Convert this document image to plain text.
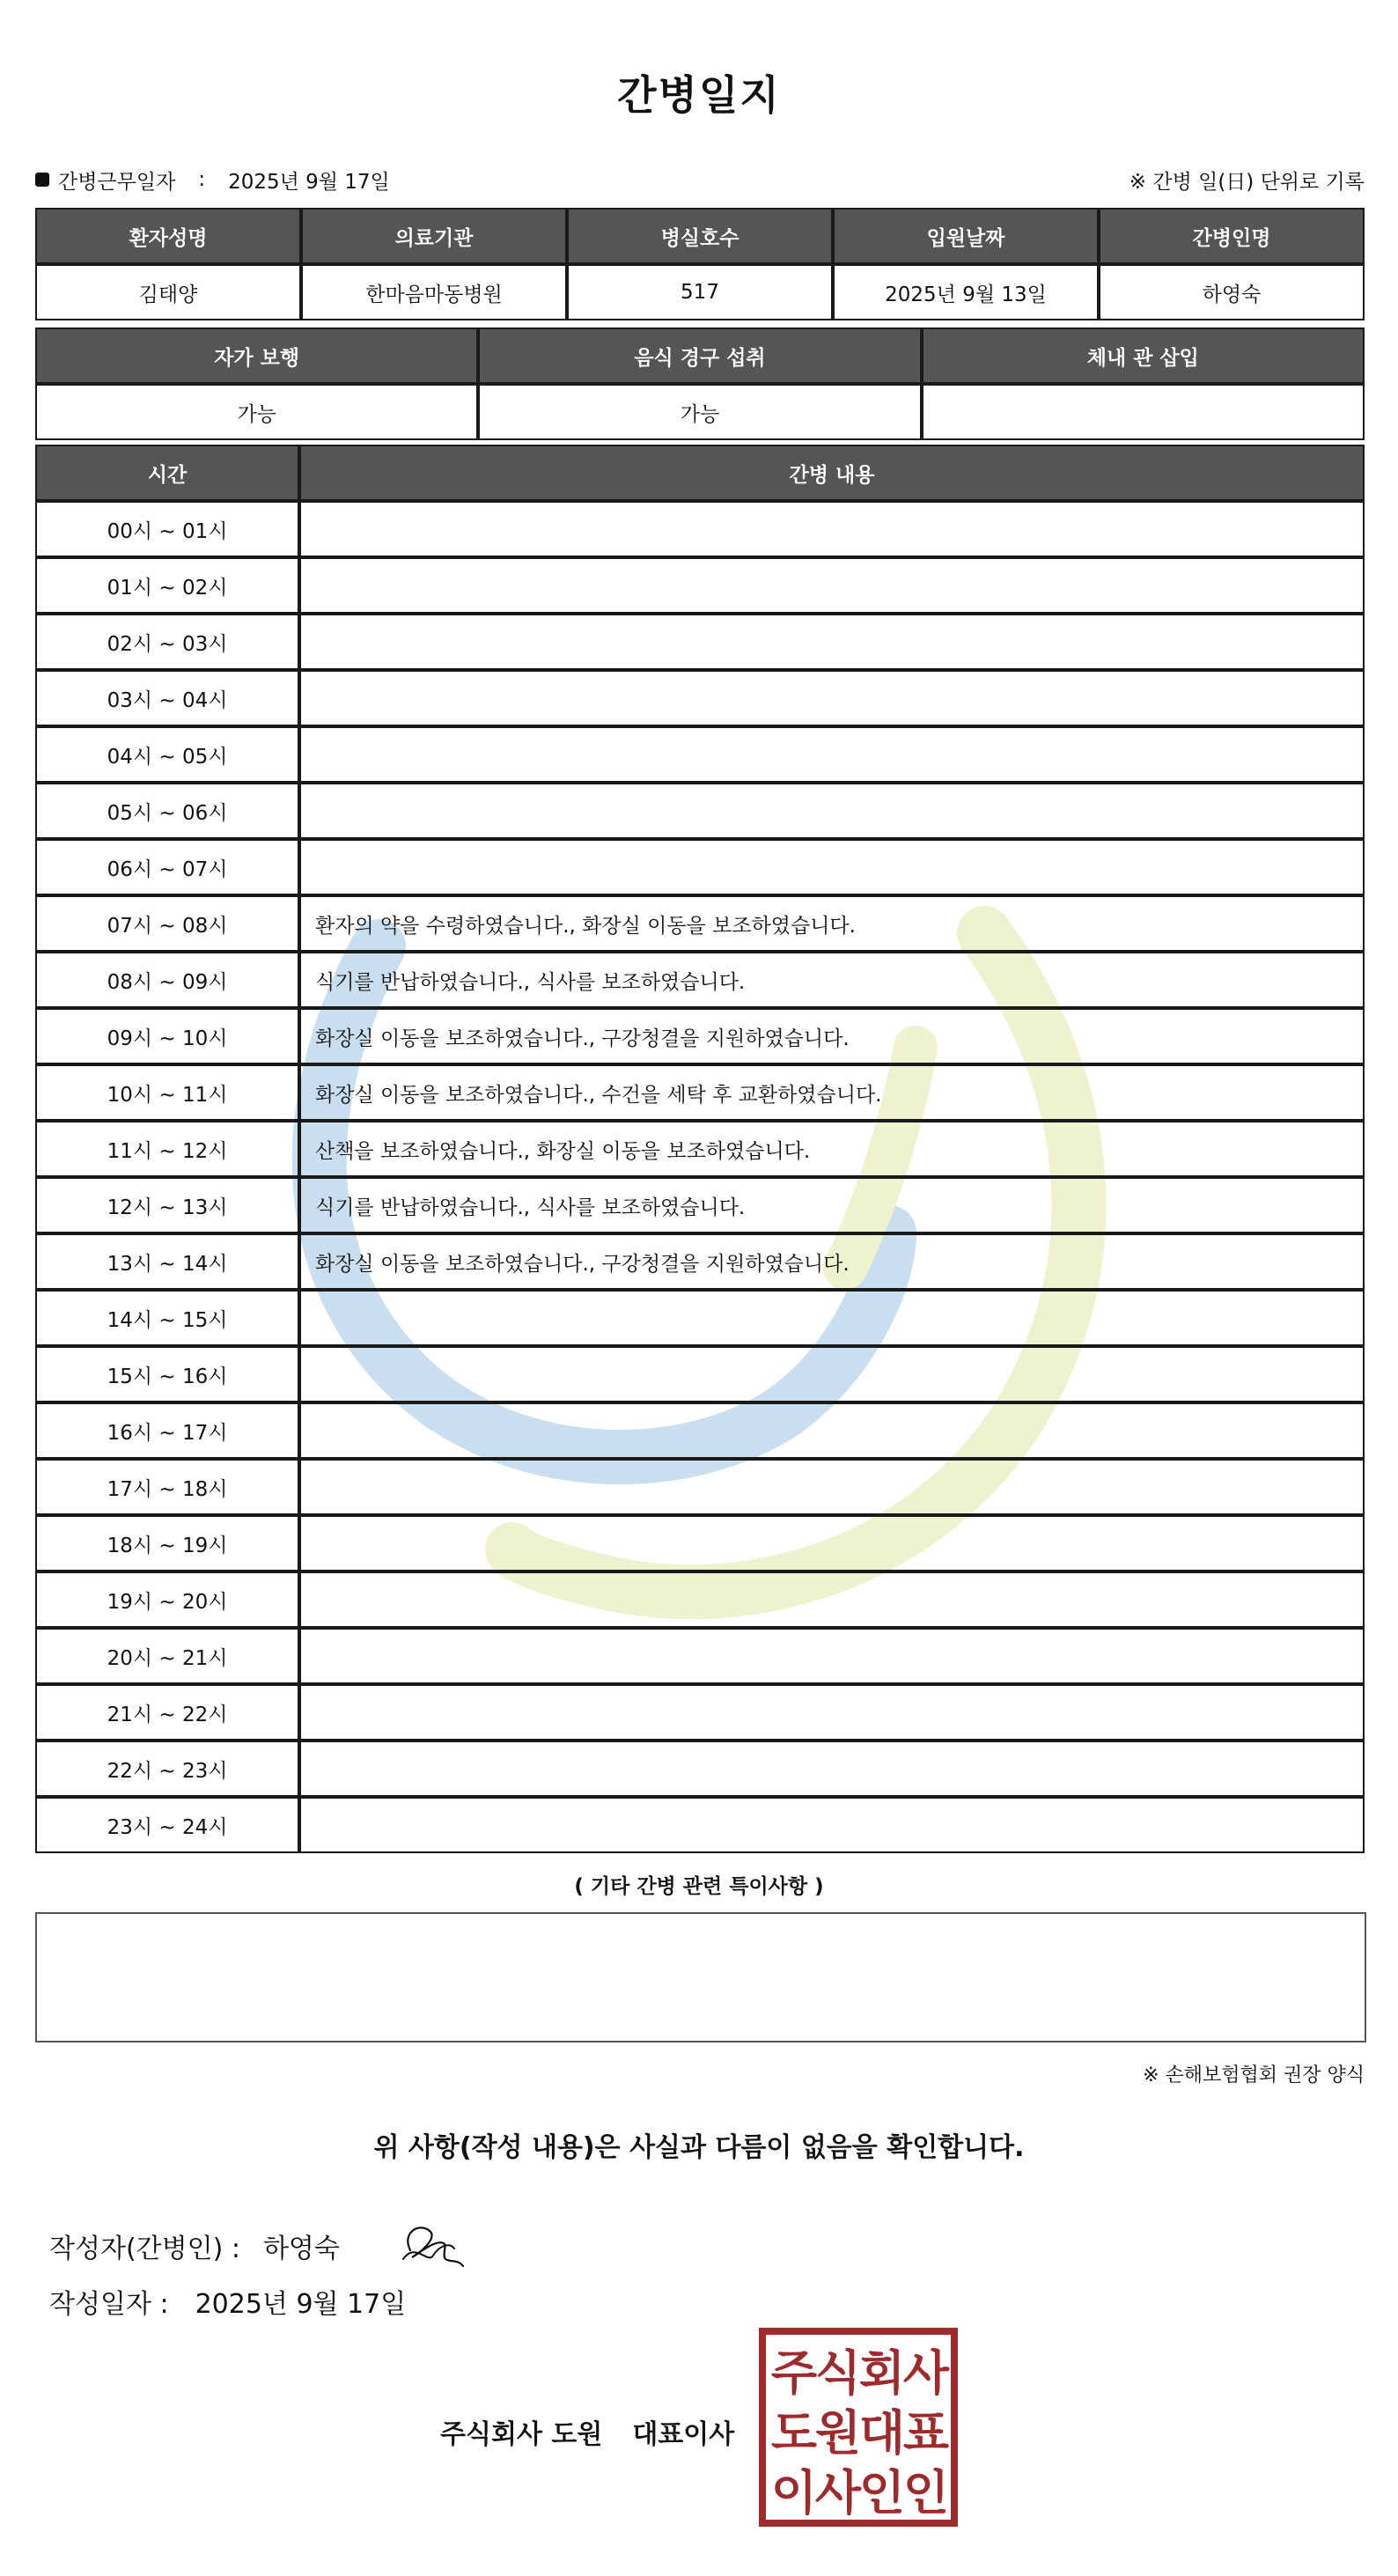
간병일지
간병근무일자 : 2025년 9월 17일	※ 간병 일(日) 단위로 기록
환자성명	의료기관	병실호수	입원날짜	간병인명
김태양	한마음마동병원	517	2025년 9월 13일	하영숙
자가 보행	음식 경구 섭취	체내 관 삽입
가능	가능	
시간	간병 내용
00시 ~ 01시	
01시 ~ 02시	
02시 ~ 03시	
03시 ~ 04시	
04시 ~ 05시	
05시 ~ 06시	
06시 ~ 07시	
07시 ~ 08시	환자의 약을 수령하였습니다., 화장실 이동을 보조하였습니다.
08시 ~ 09시	식기를 반납하였습니다., 식사를 보조하였습니다.
09시 ~ 10시	화장실 이동을 보조하였습니다., 구강청결을 지원하였습니다.
10시 ~ 11시	화장실 이동을 보조하였습니다., 수건을 세탁 후 교환하였습니다.
11시 ~ 12시	산책을 보조하였습니다., 화장실 이동을 보조하였습니다.
12시 ~ 13시	식기를 반납하였습니다., 식사를 보조하였습니다.
13시 ~ 14시	화장실 이동을 보조하였습니다., 구강청결을 지원하였습니다.
14시 ~ 15시	
15시 ~ 16시	
16시 ~ 17시	
17시 ~ 18시	
18시 ~ 19시	
19시 ~ 20시	
20시 ~ 21시	
21시 ~ 22시	
22시 ~ 23시	
23시 ~ 24시	
( 기타 간병 관련 특이사항 )
※ 손해보험협회 권장 양식
위 사항(작성 내용)은 사실과 다름이 없음을 확인합니다.
작성자(간병인) : 하영숙
작성일자 : 2025년 9월 17일
주식회사 도원 대표이사
주
식
회
사
도
원
대
표
이
사
인
인
